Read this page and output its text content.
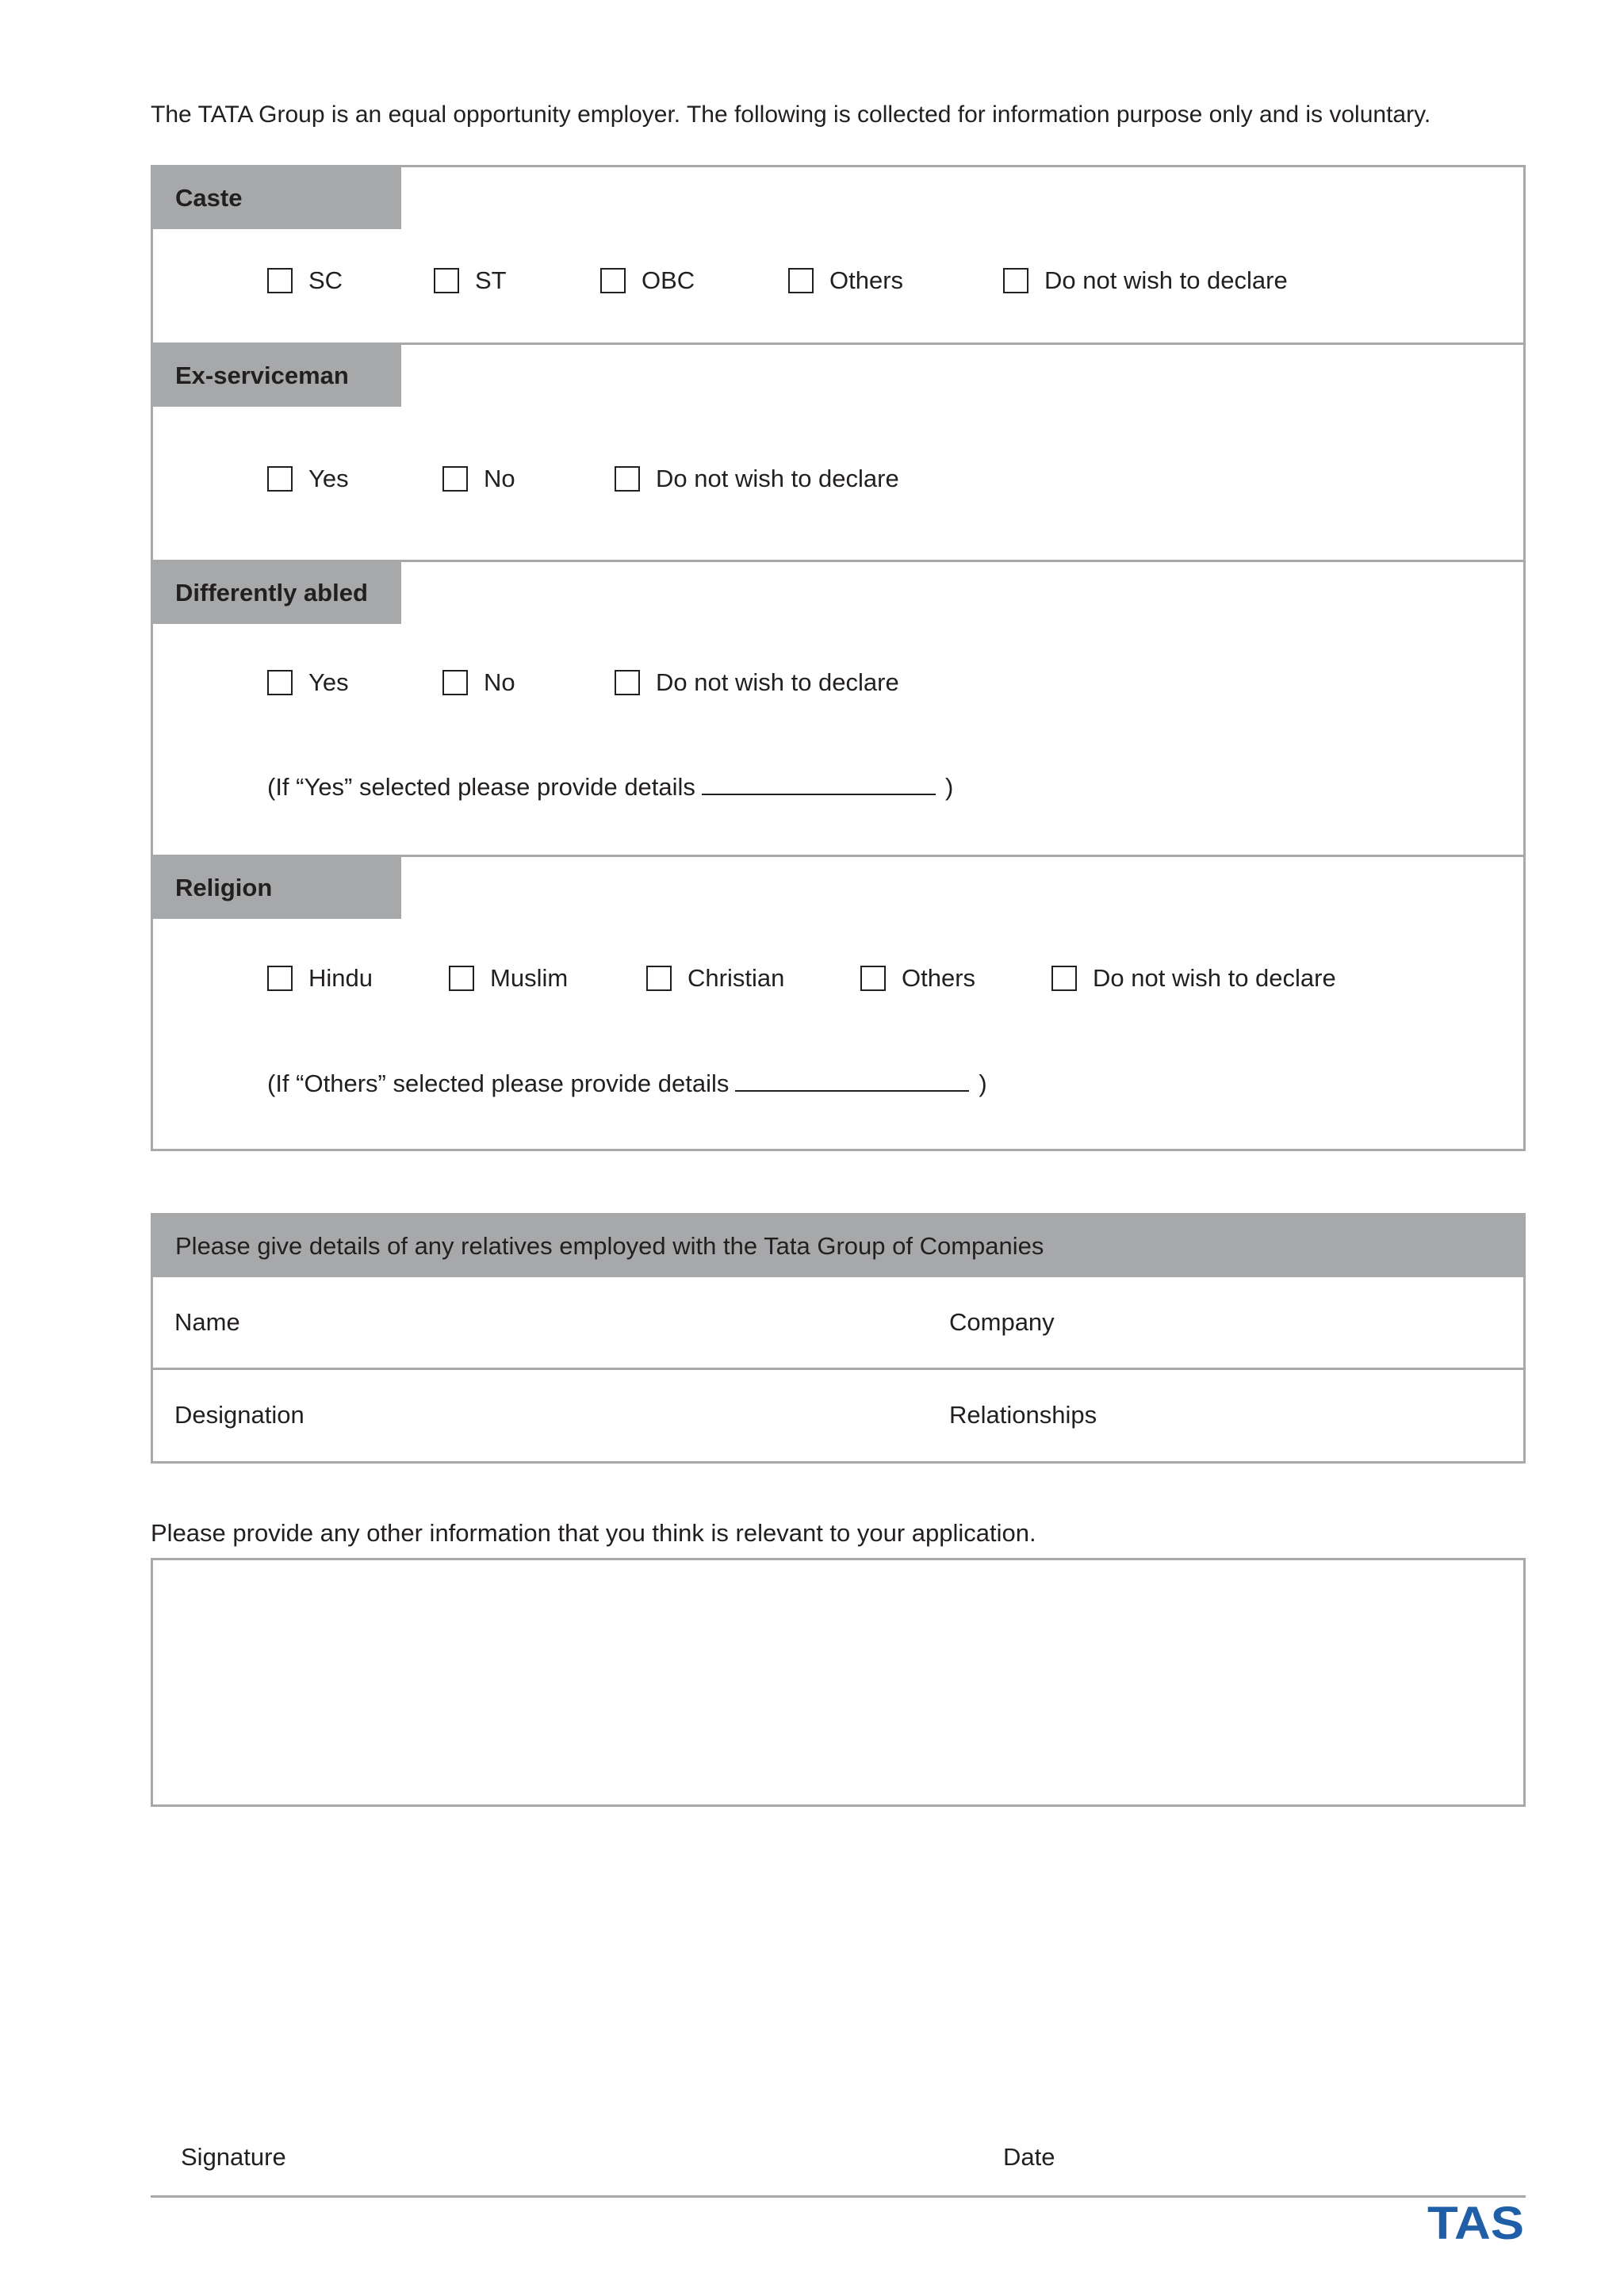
The TATA Group is an equal opportunity employer. The following is collected for information purpose only and is voluntary.
Caste
SC	ST	OBC	Others	Do not wish to declare
Ex-serviceman
Yes	No	Do not wish to declare
Differently abled
Yes	No	Do not wish to declare
(If “Yes” selected please provide details	)
Religion
Hindu	Muslim	Christian	Others	Do not wish to declare
(If “Others” selected please provide details	)
Please give details of any relatives employed with the Tata Group of Companies
Name	Company
Designation	Relationships
Please provide any other information that you think is relevant to your application.
Signature	Date
TAS
